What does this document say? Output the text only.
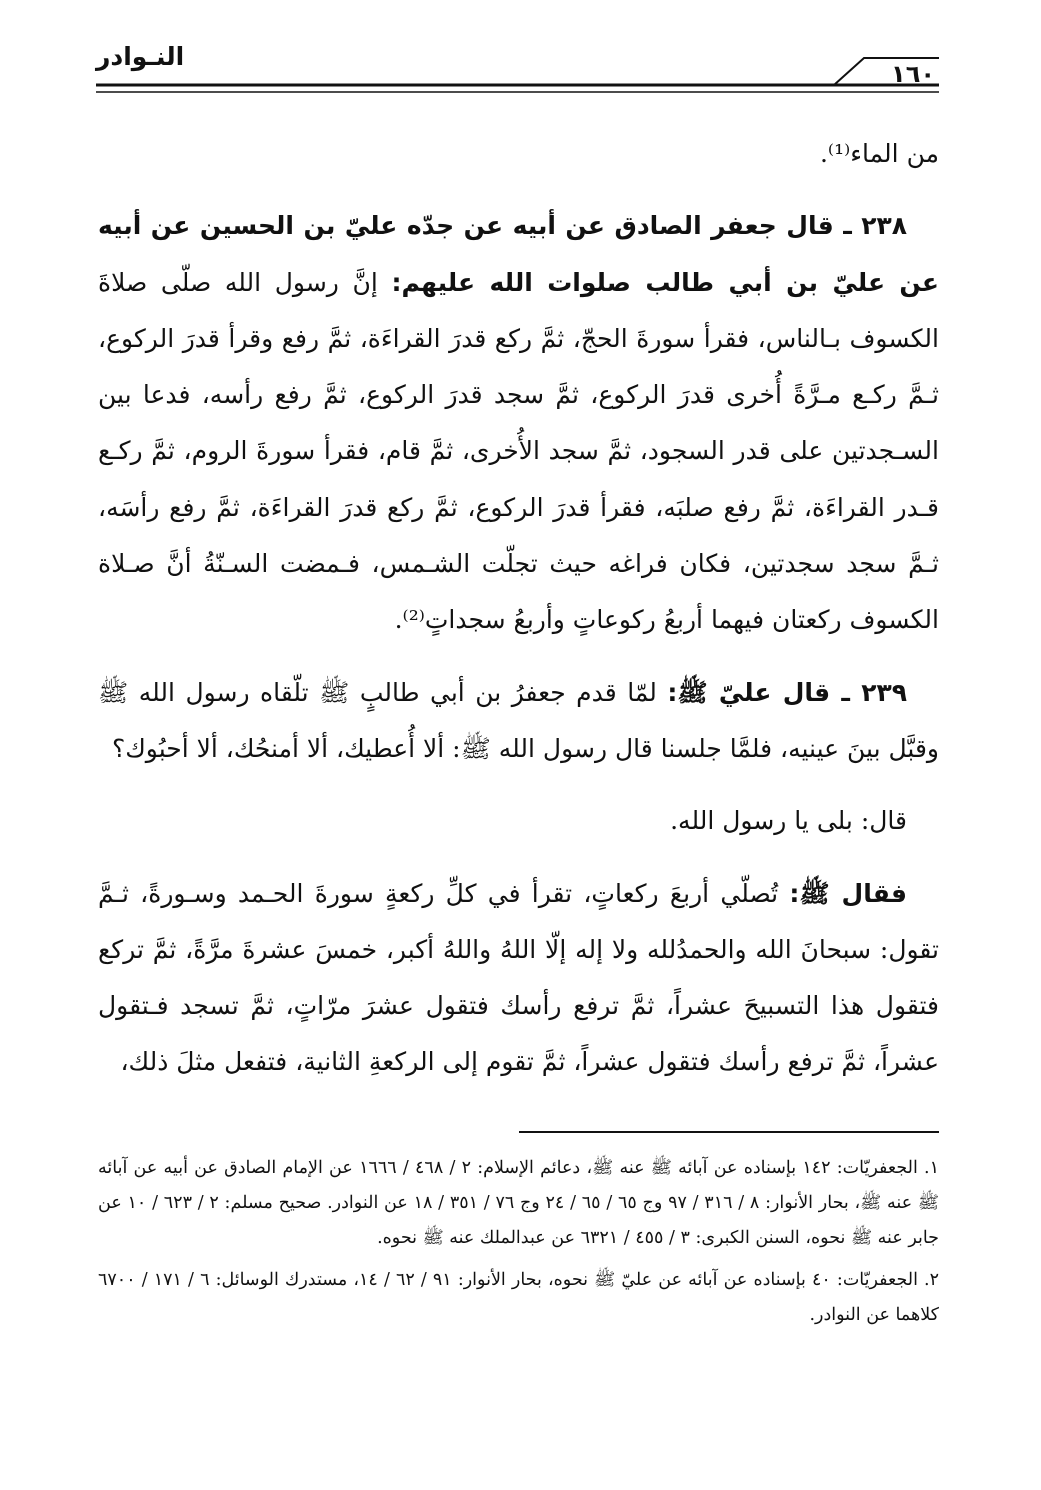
النـوادر
١٦٠

من الماء⁽¹⁾.

٢٣٨ ـ قال جعفر الصادق عن أبيه عن جدّه عليّ بن الحسين عن أبيه عن عليّ بن أبي طالب صلوات الله عليهم: إنَّ رسول الله صلّى صلاةَ الكسوف بـالناس، فقرأ سورةَ الحجّ، ثمَّ ركع قدرَ القراءَة، ثمَّ رفع وقرأ قدرَ الركوع، ثـمَّ ركـع مـرَّةً أُخرى قدرَ الركوع، ثمَّ سجد قدرَ الركوع، ثمَّ رفع رأسه، فدعا بين السـجدتين على قدر السجود، ثمَّ سجد الأُخرى، ثمَّ قام، فقرأ سورةَ الروم، ثمَّ ركـع قـدر القراءَة، ثمَّ رفع صلبَه، فقرأ قدرَ الركوع، ثمَّ ركع قدرَ القراءَة، ثمَّ رفع رأسَه، ثـمَّ سجد سجدتين، فكان فراغه حيث تجلّت الشـمس، فـمضت السـنّةُ أنَّ صـلاة الكسوف ركعتان فيهما أربعُ ركوعاتٍ وأربعُ سجداتٍ⁽²⁾.

٢٣٩ ـ قال عليّ ﷺ: لمّا قدم جعفرُ بن أبي طالبٍ ﷺ تلّقاه رسول الله ﷺ وقبَّل بينَ عينيه، فلمَّا جلسنا قال رسول الله ﷺ: ألا أُعطيك، ألا أمنحُك، ألا أحبُوك؟

قال: بلى يا رسول الله.

فقال ﷺ: تُصلّي أربعَ ركعاتٍ، تقرأ في كلِّ ركعةٍ سورةَ الحـمد وسـورةً، ثـمَّ تقول: سبحانَ الله والحمدُلله ولا إله إلّا اللهُ واللهُ أكبر، خمسَ عشرةَ مرَّةً، ثمَّ تركع فتقول هذا التسبيحَ عشراً، ثمَّ ترفع رأسك فتقول عشرَ مرّاتٍ، ثمَّ تسجد فـتقول عشراً، ثمَّ ترفع رأسك فتقول عشراً، ثمَّ تقوم إلى الركعةِ الثانية، فتفعل مثلَ ذلك،

١. الجعفريّات: ١٤٢ بإسناده عن آبائه ﷺ عنه ﷺ، دعائم الإسلام: ٢ / ٤٦٨ / ١٦٦٦ عن الإمام الصادق عن أبيه عن آبائه ﷺ عنه ﷺ، بحار الأنوار: ٨ / ٣١٦ / ٩٧ وج ٦٥ / ٦٥ / ٢٤ وج ٧٦ / ٣٥١ / ١٨ عن النوادر. صحيح مسلم: ٢ / ٦٢٣ / ١٠ عن جابر عنه ﷺ نحوه، السنن الكبرى: ٣ / ٤٥٥ / ٦٣٢١ عن عبدالملك عنه ﷺ نحوه.

٢. الجعفريّات: ٤٠ بإسناده عن آبائه عن عليّ ﷺ نحوه، بحار الأنوار: ٩١ / ٦٢ / ١٤، مستدرك الوسائل: ٦ / ١٧١ / ٦٧٠٠ كلاهما عن النوادر.
